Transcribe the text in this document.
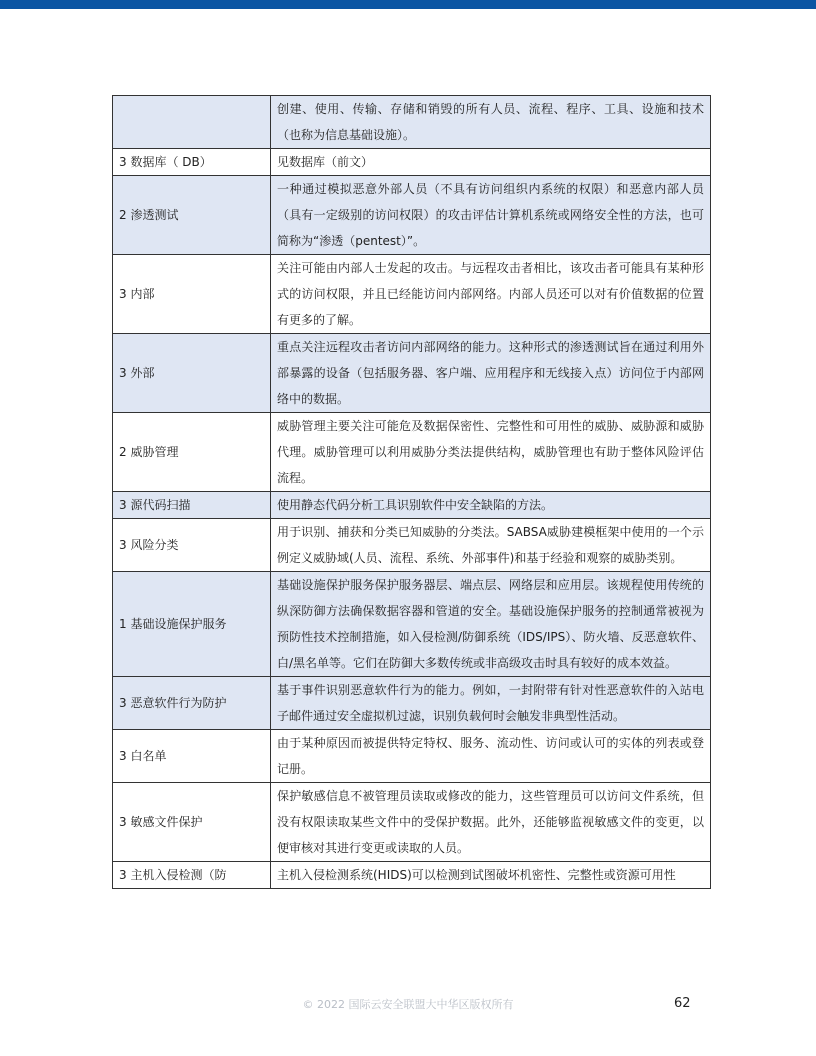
	创建、使用、传输、存储和销毁的所有人员、流程、程序、工具、设施和技术（也称为信息基础设施）。
3 数据库（ DB）	见数据库（前文）
2 渗透测试	一种通过模拟恶意外部人员（不具有访问组织内系统的权限）和恶意内部人员（具有一定级别的访问权限）的攻击评估计算机系统或网络安全性的方法，也可简称为“渗透（pentest）”。
3 内部	关注可能由内部人士发起的攻击。与远程攻击者相比，该攻击者可能具有某种形式的访问权限，并且已经能访问内部网络。内部人员还可以对有价值数据的位置有更多的了解。
3 外部	重点关注远程攻击者访问内部网络的能力。这种形式的渗透测试旨在通过利用外部暴露的设备（包括服务器、客户端、应用程序和无线接入点）访问位于内部网络中的数据。
2 威胁管理	威胁管理主要关注可能危及数据保密性、完整性和可用性的威胁、威胁源和威胁代理。威胁管理可以利用威胁分类法提供结构，威胁管理也有助于整体风险评估流程。
3 源代码扫描	使用静态代码分析工具识别软件中安全缺陷的方法。
3 风险分类	用于识别、捕获和分类已知威胁的分类法。SABSA威胁建模框架中使用的一个示例定义威胁域(人员、流程、系统、外部事件)和基于经验和观察的威胁类别。
1 基础设施保护服务	基础设施保护服务保护服务器层、端点层、网络层和应用层。该规程使用传统的纵深防御方法确保数据容器和管道的安全。基础设施保护服务的控制通常被视为预防性技术控制措施，如入侵检测/防御系统（IDS/IPS）、防火墙、反恶意软件、白/黑名单等。它们在防御大多数传统或非高级攻击时具有较好的成本效益。
3 恶意软件行为防护	基于事件识别恶意软件行为的能力。例如，一封附带有针对性恶意软件的入站电子邮件通过安全虚拟机过滤，识别负载何时会触发非典型性活动。
3 白名单	由于某种原因而被提供特定特权、服务、流动性、访问或认可的实体的列表或登记册。
3 敏感文件保护	保护敏感信息不被管理员读取或修改的能力，这些管理员可以访问文件系统，但没有权限读取某些文件中的受保护数据。此外，还能够监视敏感文件的变更，以便审核对其进行变更或读取的人员。
3 主机入侵检测（防	主机入侵检测系统(HIDS)可以检测到试图破坏机密性、完整性或资源可用性
© 2022 国际云安全联盟大中华区版权所有	62
